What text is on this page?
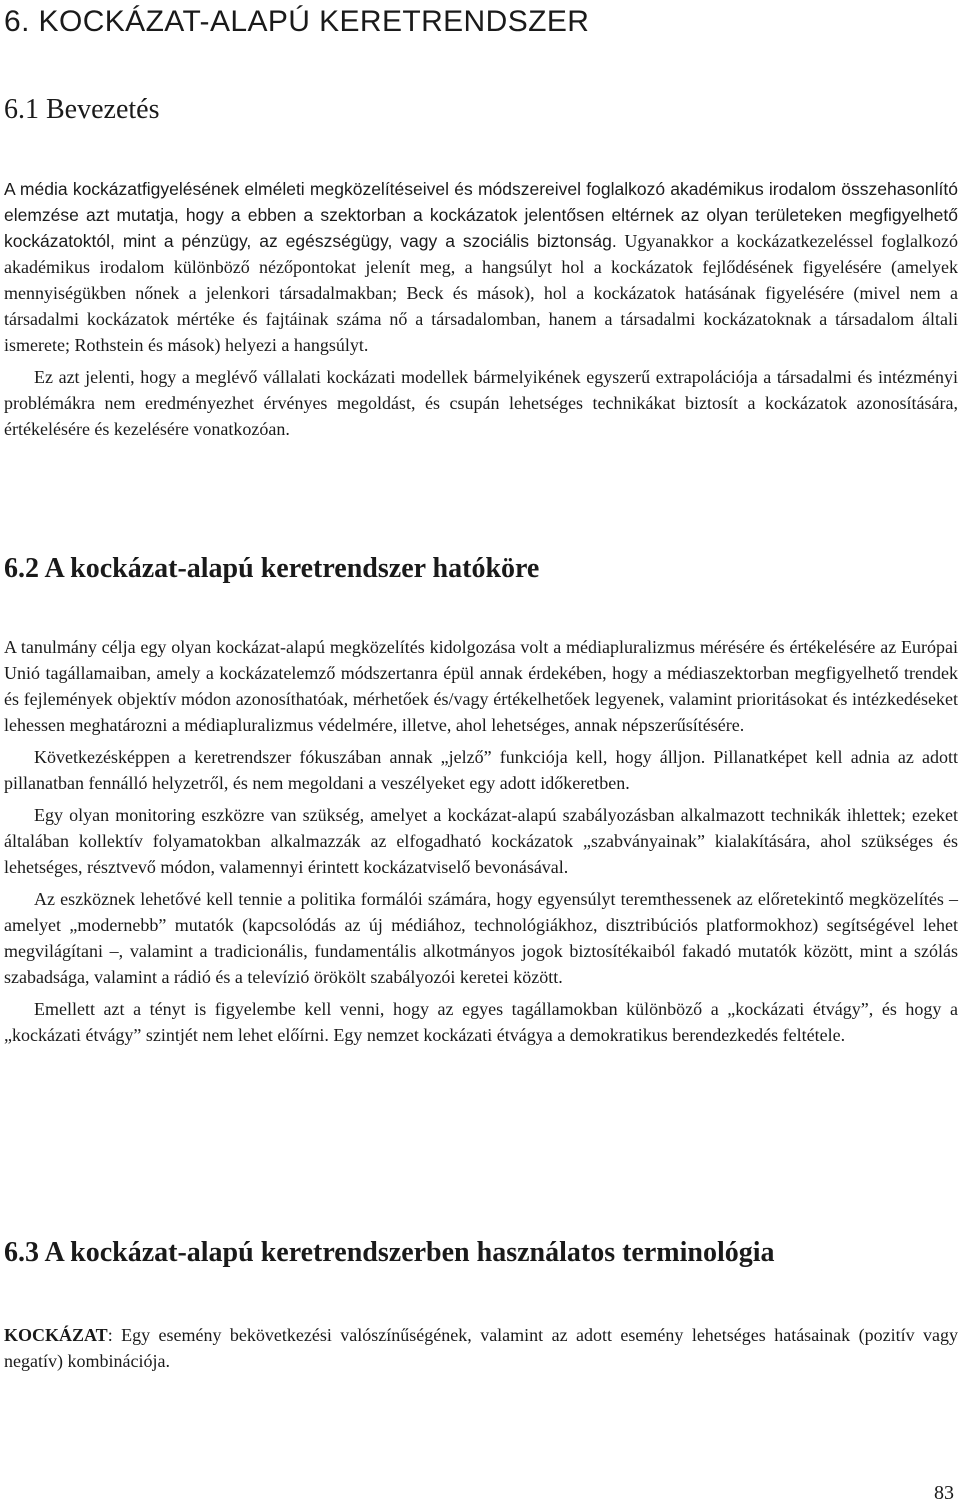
6. KOCKÁZAT-ALAPÚ KERETRENDSZER
6.1 Bevezetés

A média kockázatfigyelésének elméleti megközelítéseivel és módszereivel foglalkozó akadémikus irodalom összehasonlító elemzése azt mutatja, hogy a ebben a szektorban a kockázatok jelentősen eltérnek az olyan területeken megfigyelhető kockázatoktól, mint a pénzügy, az egészségügy, vagy a szociális biztonság. Ugyanakkor a kockázatkezeléssel foglalkozó akadémikus irodalom különböző nézőpontokat jelenít meg, a hangsúlyt hol a kockázatok fejlődésének figyelésére (amelyek mennyiségükben nőnek a jelenkori társadalmakban; Beck és mások), hol a kockázatok hatásának figyelésére (mivel nem a társadalmi kockázatok mértéke és fajtáinak száma nő a társadalomban, hanem a társadalmi kockázatoknak a társadalom általi ismerete; Rothstein és mások) helyezi a hangsúlyt.

Ez azt jelenti, hogy a meglévő vállalati kockázati modellek bármelyikének egyszerű extrapolációja a társadalmi és intézményi problémákra nem eredményezhet érvényes megoldást, és csupán lehetséges technikákat biztosít a kockázatok azonosítására, értékelésére és kezelésére vonatkozóan.

6.2 A kockázat-alapú keretrendszer hatóköre

A tanulmány célja egy olyan kockázat-alapú megközelítés kidolgozása volt a médiapluralizmus mérésére és értékelésére az Európai Unió tagállamaiban, amely a kockázatelemző módszertanra épül annak érdekében, hogy a médiaszektorban megfigyelhető trendek és fejlemények objektív módon azonosíthatóak, mérhetőek és/vagy értékelhetőek legyenek, valamint prioritásokat és intézkedéseket lehessen meghatározni a médiapluralizmus védelmére, illetve, ahol lehetséges, annak népszerűsítésére.

Következésképpen a keretrendszer fókuszában annak „jelző” funkciója kell, hogy álljon. Pillanatképet kell adnia az adott pillanatban fennálló helyzetről, és nem megoldani a veszélyeket egy adott időkeretben.

Egy olyan monitoring eszközre van szükség, amelyet a kockázat-alapú szabályozásban alkalmazott technikák ihlettek; ezeket általában kollektív folyamatokban alkalmazzák az elfogadható kockázatok „szabványainak” kialakítására, ahol szükséges és lehetséges, résztvevő módon, valamennyi érintett kockázatviselő bevonásával.

Az eszköznek lehetővé kell tennie a politika formálói számára, hogy egyensúlyt teremthessenek az előretekintő megközelítés – amelyet „modernebb” mutatók (kapcsolódás az új médiához, technológiákhoz, disztribúciós platformokhoz) segítségével lehet megvilágítani –, valamint a tradicionális, fundamentális alkotmányos jogok biztosítékaiból fakadó mutatók között, mint a szólás szabadsága, valamint a rádió és a televízió örökölt szabályozói keretei között.

Emellett azt a tényt is figyelembe kell venni, hogy az egyes tagállamokban különböző a „kockázati étvágy”, és hogy a „kockázati étvágy” szintjét nem lehet előírni. Egy nemzet kockázati étvágya a demokratikus berendezkedés feltétele.

6.3 A kockázat-alapú keretrendszerben használatos terminológia

KOCKÁZAT: Egy esemény bekövetkezési valószínűségének, valamint az adott esemény lehetséges hatásainak (pozitív vagy negatív) kombinációja.

83
